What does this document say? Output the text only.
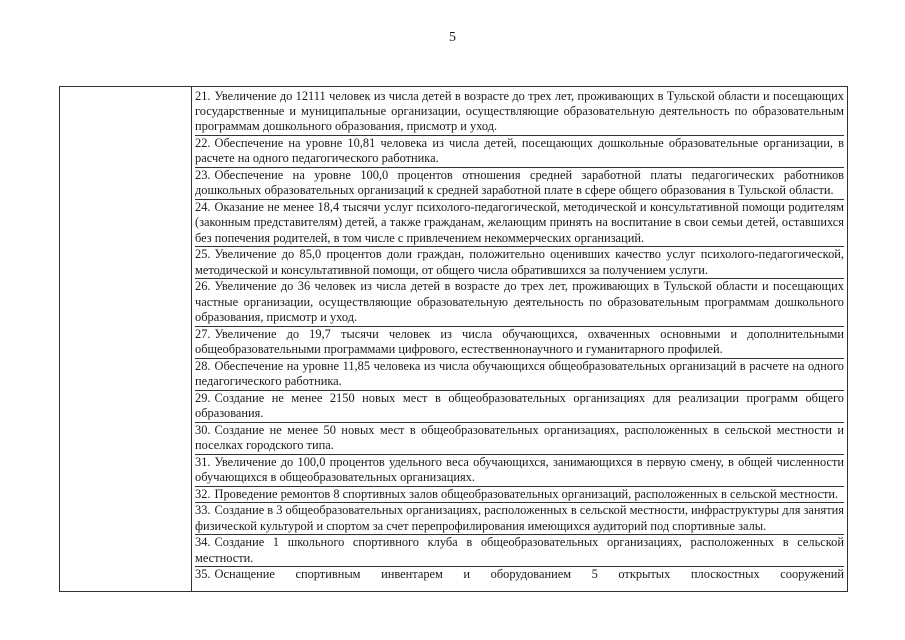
5

21. Увеличение до 12111 человек из числа детей в возрасте до трех лет, проживающих в Тульской области и посещающих государственные и муниципальные организации, осуществляющие образовательную деятельность по образовательным программам дошкольного образования, присмотр и уход.

22. Обеспечение на уровне 10,81 человека из числа детей, посещающих дошкольные образовательные организации, в расчете на одного педагогического работника.

23. Обеспечение на уровне 100,0 процентов отношения средней заработной платы педагогических работников дошкольных образовательных организаций к средней заработной плате в сфере общего образования в Тульской области.

24. Оказание не менее 18,4 тысячи услуг психолого-педагогической, методической и консультативной помощи родителям (законным представителям) детей, а также гражданам, желающим принять на воспитание в свои семьи детей, оставшихся без попечения родителей, в том числе с привлечением некоммерческих организаций.

25. Увеличение до 85,0 процентов доли граждан, положительно оценивших качество услуг психолого-педагогической, методической и консультативной помощи, от общего числа обратившихся за получением услуги.

26. Увеличение до 36 человек из числа детей в возрасте до трех лет, проживающих в Тульской области и посещающих частные организации, осуществляющие образовательную деятельность по образовательным программам дошкольного образования, присмотр и уход.

27. Увеличение до 19,7 тысячи человек из числа обучающихся, охваченных основными и дополнительными общеобразовательными программами цифрового, естественнонаучного и гуманитарного профилей.

28. Обеспечение на уровне 11,85 человека из числа обучающихся общеобразовательных организаций в расчете на одного педагогического работника.

29. Создание не менее 2150 новых мест в общеобразовательных организациях для реализации программ общего образования.

30. Создание не менее 50 новых мест в общеобразовательных организациях, расположенных в сельской местности и поселках городского типа.

31. Увеличение до 100,0 процентов удельного веса обучающихся, занимающихся в первую смену, в общей численности обучающихся в общеобразовательных организациях.

32. Проведение ремонтов 8 спортивных залов общеобразовательных организаций, расположенных в сельской местности.

33. Создание в 3 общеобразовательных организациях, расположенных в сельской местности, инфраструктуры для занятия физической культурой и спортом за счет перепрофилирования имеющихся аудиторий под спортивные залы.

34. Создание 1 школьного спортивного клуба в общеобразовательных организациях, расположенных в сельской местности.

35. Оснащение спортивным инвентарем и оборудованием 5 открытых плоскостных сооружений
